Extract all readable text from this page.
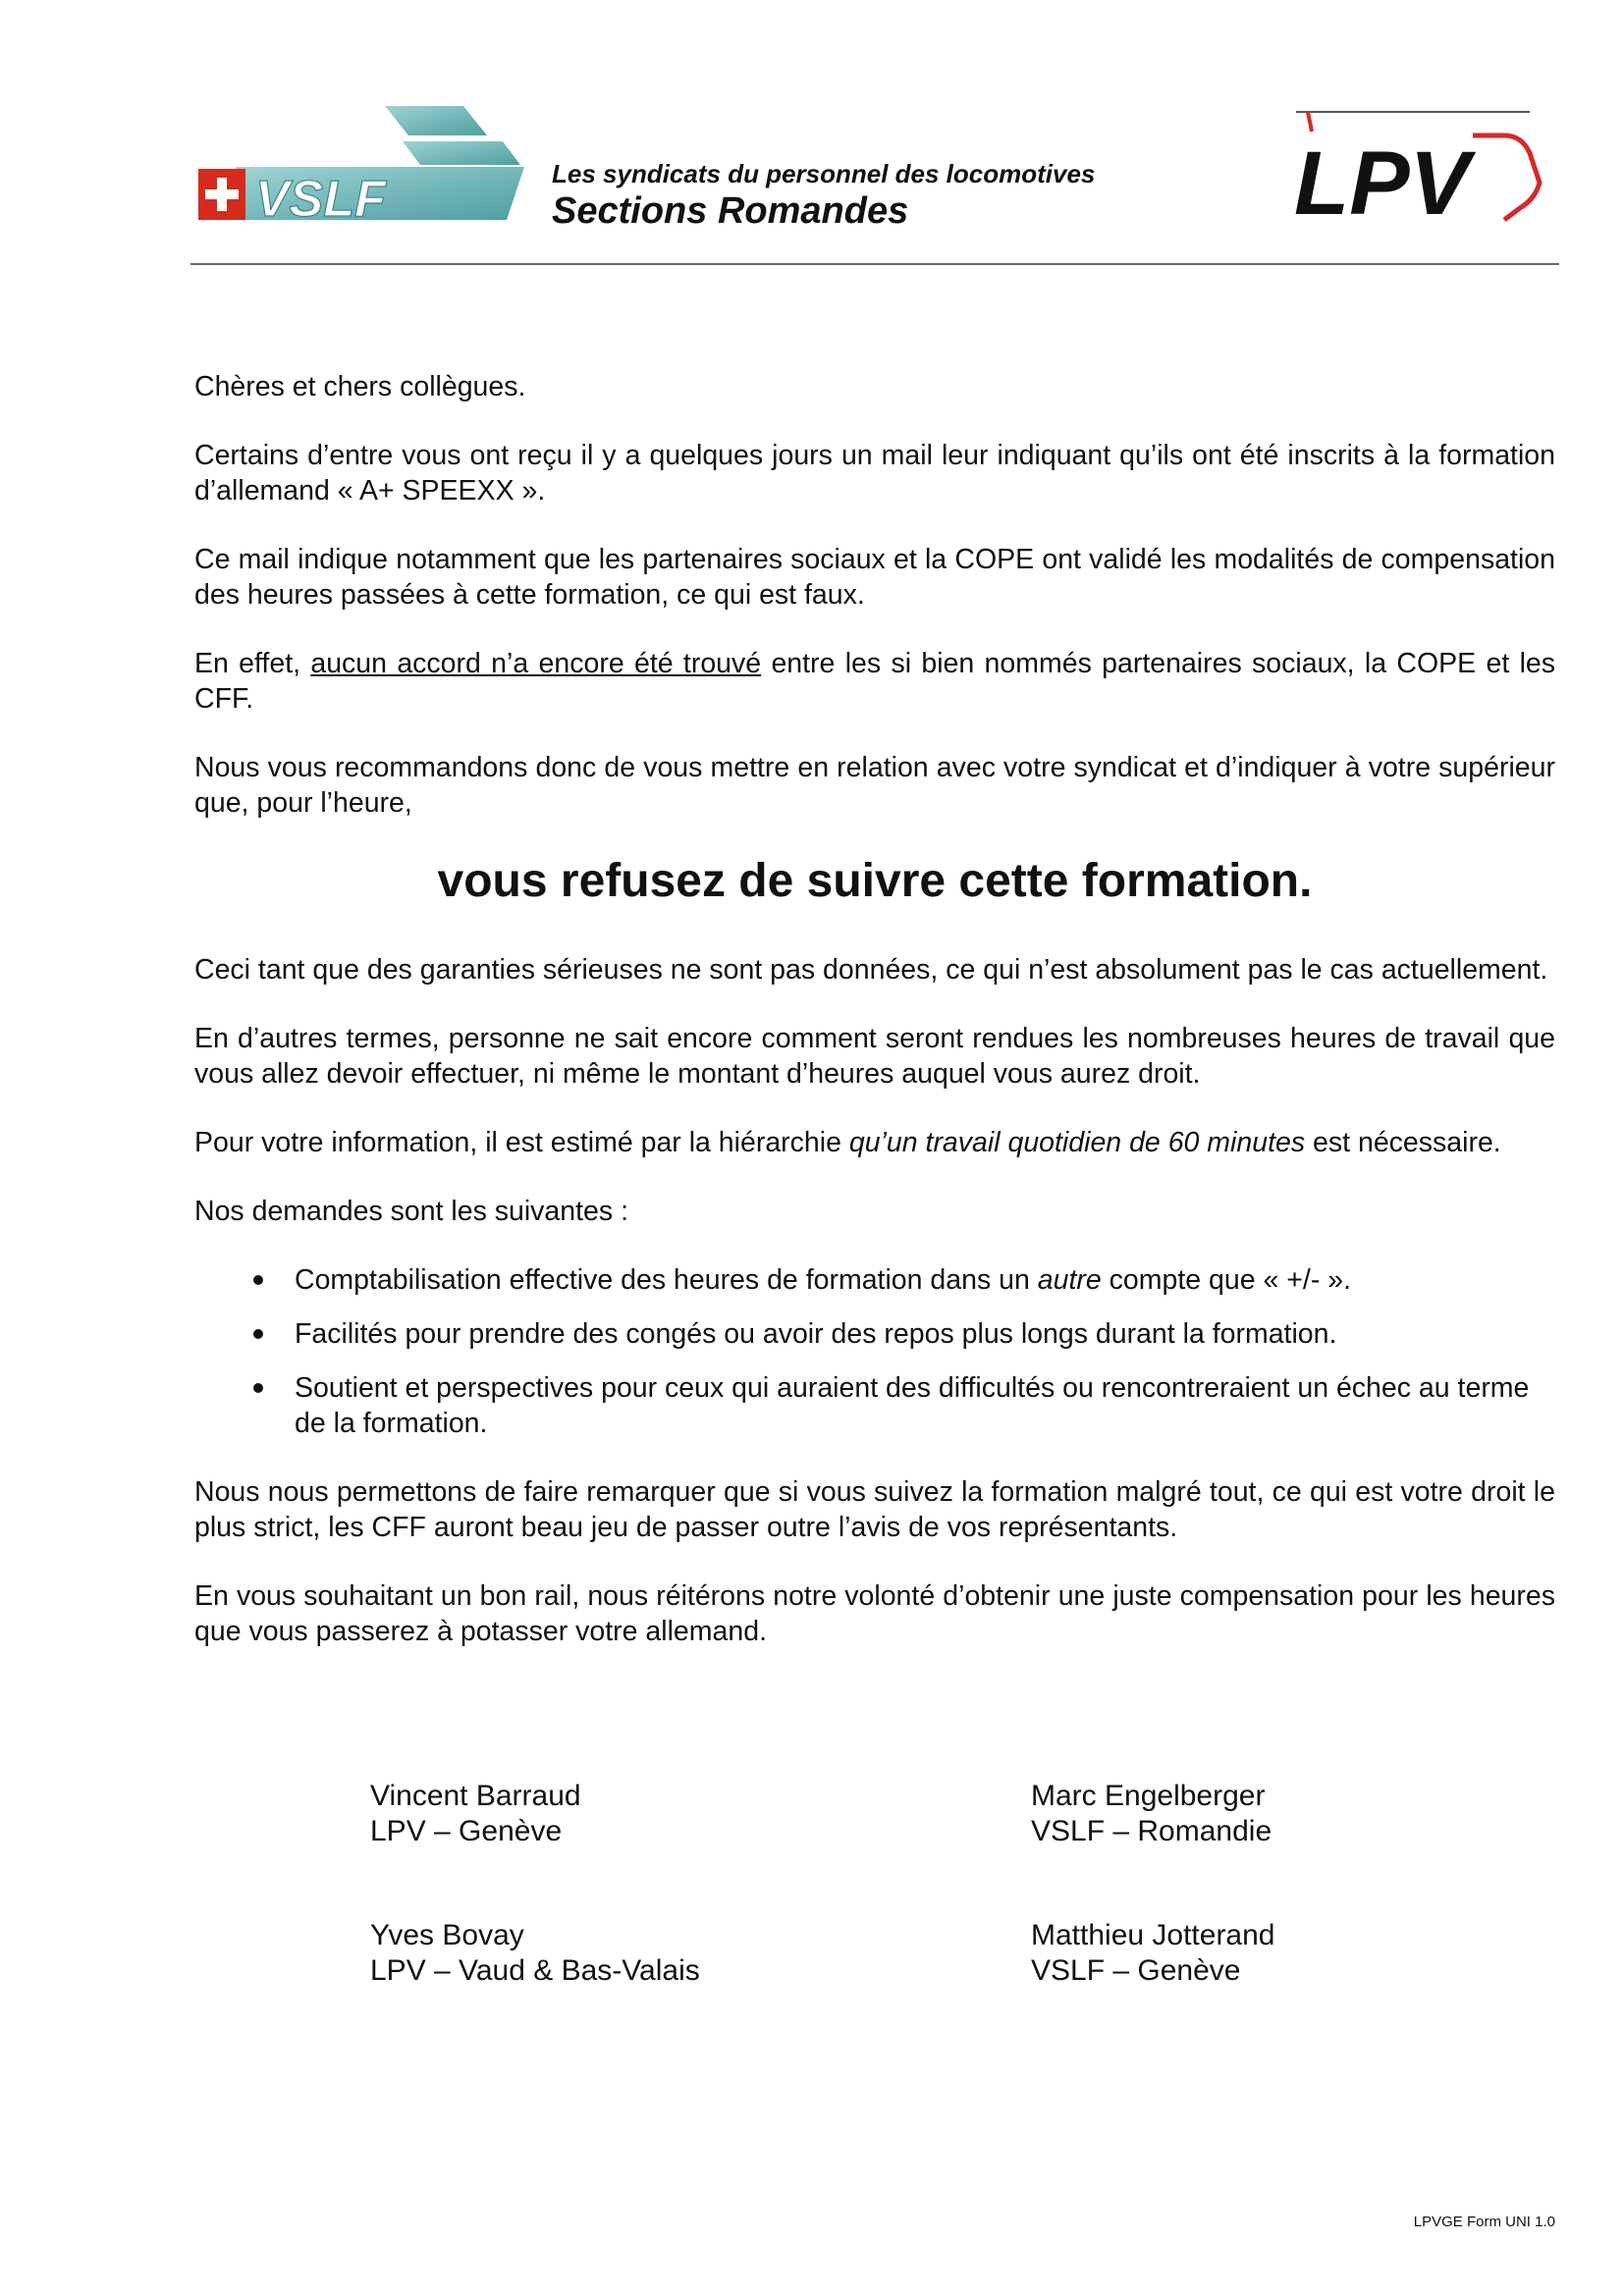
VSLF	Les syndicats du personnel des locomotives
Sections Romandes	LPV

Chères et chers collègues.

Certains d’entre vous ont reçu il y a quelques jours un mail leur indiquant qu’ils ont été inscrits à la formation d’allemand « A+ SPEEXX ».

Ce mail indique notamment que les partenaires sociaux et la COPE ont validé les modalités de compensation des heures passées à cette formation, ce qui est faux.

En effet, aucun accord n’a encore été trouvé entre les si bien nommés partenaires sociaux, la COPE et les CFF.

Nous vous recommandons donc de vous mettre en relation avec votre syndicat et d’indiquer à votre supérieur que, pour l’heure,

vous refusez de suivre cette formation.

Ceci tant que des garanties sérieuses ne sont pas données, ce qui n’est absolument pas le cas actuellement.

En d’autres termes, personne ne sait encore comment seront rendues les nombreuses heures de travail que vous allez devoir effectuer, ni même le montant d’heures auquel vous aurez droit.

Pour votre information, il est estimé par la hiérarchie qu’un travail quotidien de 60 minutes est nécessaire.

Nos demandes sont les suivantes :

Comptabilisation effective des heures de formation dans un autre compte que « +/- ».
Facilités pour prendre des congés ou avoir des repos plus longs durant la formation.
Soutient et perspectives pour ceux qui auraient des difficultés ou rencontreraient un échec au terme de la formation.

Nous nous permettons de faire remarquer que si vous suivez la formation malgré tout, ce qui est votre droit le plus strict, les CFF auront beau jeu de passer outre l’avis de vos représentants.

En vous souhaitant un bon rail, nous réitérons notre volonté d’obtenir une juste compensation pour les heures que vous passerez à potasser votre allemand.

Vincent Barraud
LPV – Genève
Marc Engelberger
VSLF – Romandie
Yves Bovay
LPV – Vaud & Bas-Valais
Matthieu Jotterand
VSLF – Genève
LPVGE Form UNI 1.0
